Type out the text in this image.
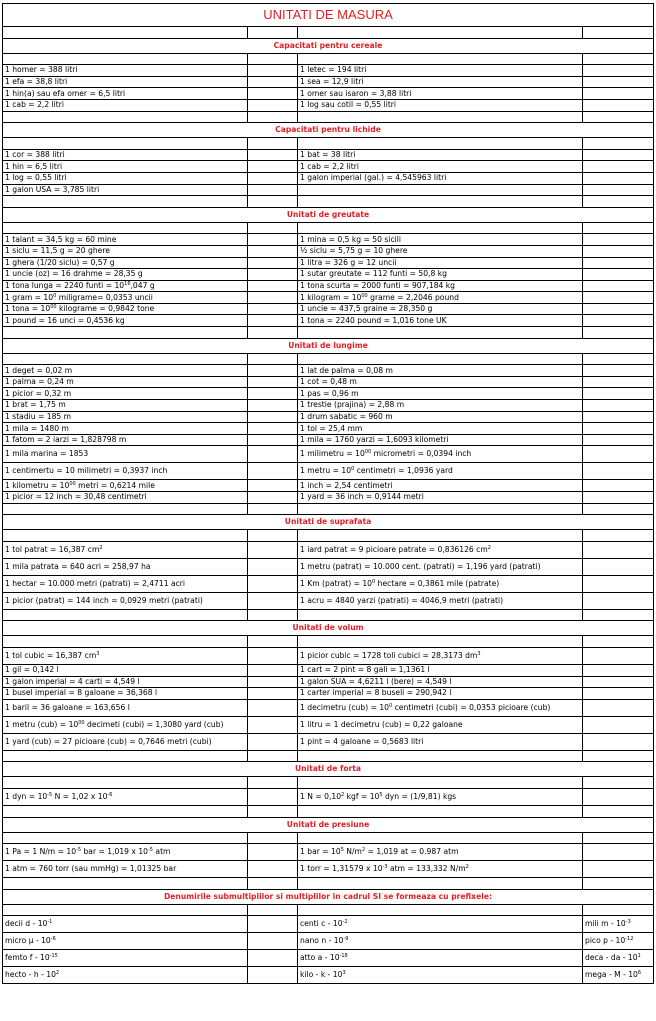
UNITATI DE MASURA			

Capacitati pentru cereale			

1 homer = 388 litri		1 letec = 194 litri	
1 efa = 38,8 litri		1 sea = 12,9 litri	
1 hin(a) sau efa omer = 6,5 litri		1 omer sau isaron = 3,88 litri	
1 cab = 2,2 litri		1 log sau cotil = 0,55 litri	

Capacitati pentru lichide			

1 cor = 388 litri		1 bat = 38 litri	
1 hin = 6,5 litri		1 cab = 2,2 litri	
1 log = 0,55 litri		1 galon imperial (gal.) = 4,545963 litri	
1 galon USA = 3,785 litri			

Unitati de greutate			

1 talant = 34,5 kg = 60 mine		1 mina = 0,5 kg = 50 sicili	
1 siclu = 11,5 g = 20 ghere		½ siclu = 5,75 g = 10 ghere	
1 ghera (1/20 siclu) = 0,57 g		1 litra = 326 g = 12 uncii	
1 uncie (oz) = 16 drahme = 28,35 g		1 sutar greutate = 112 funti = 50,8 kg	
1 tona lunga = 2240 funti = $10^{16},047$ g		1 tona scurta = 2000 funti = 907,184 kg	
1 gram = $10^0$ miligrame= 0,0353 uncii		1 kilogram = $10^{00}$ grame = 2,2046 pound	
1 tona = $10^{00}$ kilograme = 0,9842 tone		1 uncie = 437,5 graine = 28,350 g	
1 pound = 16 unci = 0,4536 kg		1 tona = 2240 pound = 1,016 tone UK	

Unitati de lungime			

1 deget = 0,02 m		1 lat de palma = 0,08 m	
1 palma = 0,24 m		1 cot = 0,48 m	
1 picior = 0,32 m		1 pas = 0,96 m	
1 brat = 1,75 m		1 trestie (prajina) = 2,88 m	
1 stadiu = 185 m		1 drum sabatic = 960 m	
1 mila = 1480 m		1 tol = 25,4 mm	
1 fatom = 2 iarzi = 1,828798 m		1 mila = 1760 yarzi = 1,6093 kilometri	
1 mila marina = 1853		1 milimetru = $10^{00}$ micrometri = 0,0394 inch	
1 centimertu = 10 milimetri = 0,3937 inch		1 metru = $10^0$ centimetri = 1,0936 yard	
1 kilometru = $10^{00}$ metri = 0,6214 mile		1 inch = 2,54 centimetri	
1 picior = 12 inch = 30,48 centimetri		1 yard = 36 inch = 0,9144 metri	

Unitati de suprafata			

1 tol patrat = 16,387 $cm^2$		1 iard patrat = 9 picioare patrate = 0,836126 $cm^2$	
1 mila patrata = 640 acri = 258,97 ha		1 metru (patrat) = 10.000 cent. (patrati) = 1,196 yard (patrati)	
1 hectar = 10.000 metri (patrati) = 2,4711 acri		1 Km (patrat) = $10^0$ hectare = 0,3861 mile (patrate)	
1 picior (patrat) = 144 inch = 0,0929 metri (patrati)		1 acru = 4840 yarzi (patrati) = 4046,9 metri (patrati)	

Unitati de volum			

1 tol cubic = 16,387 $cm^3$		1 picior cubic = 1728 toli cubici = 28,3173 $dm^3$	
1 gil = 0,142 l		1 cart = 2 pint = 8 gali = 1,1361 l	
1 galon imperial = 4 carti = 4,549 l		1 galon SUA = 4,6211 l (bere) = 4,549 l	
1 busel imperial = 8 galoane = 36,368 l		1 carter imperial = 8 buseli = 290,942 l	
1 baril = 36 galoane = 163,656 l		1 decimetru $(cub) = 10^0$ centimetri (cubi) = 0,0353 picioare (cub)	
1 metru $(cub) = 10^{00}$ decimeti (cubi) = 1,3080 yard (cub)		1 litru = 1 decimetru (cub) = 0,22 galoane	
1 yard (cub) = 27 picioare (cub) = 0,7646 metri (cubi)		1 pint = 4 galoane = 0,5683 litri	

Unitati de forta			

1 dyn = $10^{-5}$ N = 1,02 x $10^{-6}$		1 $N = 0,10^2$ kgf = $10^5$ dyn = (1/9,81) kgs	

Unitati de presiune			

1 Pa = 1 $N/m = 10^{-5}$ bar = 1,019 x $10^{-5}$ atm		1 bar = $10^5$ $N/m^2 = 1,019$ at = 0.987 atm	
1 atm = 760 torr (sau mmHg) = 1,01325 bar		1 torr = 1,31579 x $10^{-3}$ atm = 133,332 $N/m^2$	

Denumirile submultiplilor si multiplilor in cadrul SI se formeaza cu prefixele:			

decii d - $10^{-1}$		centi c - $10^{-2}$	mili m - $10^{-3}$
micro µ - $10^{-6}$		nano n - $10^{-9}$	pico p - $10^{-12}$
femto f - $10^{-15}$		atto a - $10^{-18}$	deca - da - $10^1$
hecto - h - $10^2$		kilo - k - $10^3$	mega - M - $10^6$
